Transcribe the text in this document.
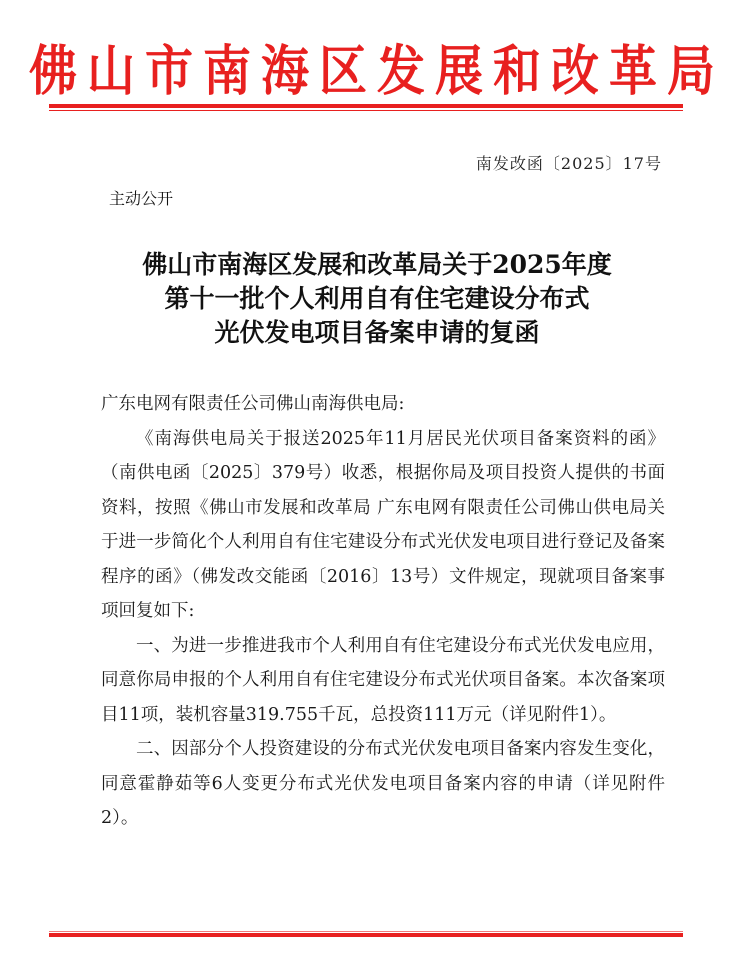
佛山市南海区发展和改革局
南发改函〔2025〕17号
主动公开
佛山市南海区发展和改革局关于2025年度
第十一批个人利用自有住宅建设分布式
光伏发电项目备案申请的复函

广东电网有限责任公司佛山南海供电局:

《南海供电局关于报送2025年11月居民光伏项目备案资料的函》（南供电函〔2025〕379号）收悉，根据你局及项目投资人提供的书面资料，按照《佛山市发展和改革局 广东电网有限责任公司佛山供电局关于进一步简化个人利用自有住宅建设分布式光伏发电项目进行登记及备案程序的函》（佛发改交能函〔2016〕13号）文件规定，现就项目备案事项回复如下:

一、为进一步推进我市个人利用自有住宅建设分布式光伏发电应用，同意你局申报的个人利用自有住宅建设分布式光伏项目备案。本次备案项目11项，装机容量319.755千瓦，总投资111万元（详见附件1）。

二、因部分个人投资建设的分布式光伏发电项目备案内容发生变化，同意霍静茹等6人变更分布式光伏发电项目备案内容的申请（详见附件2）。
